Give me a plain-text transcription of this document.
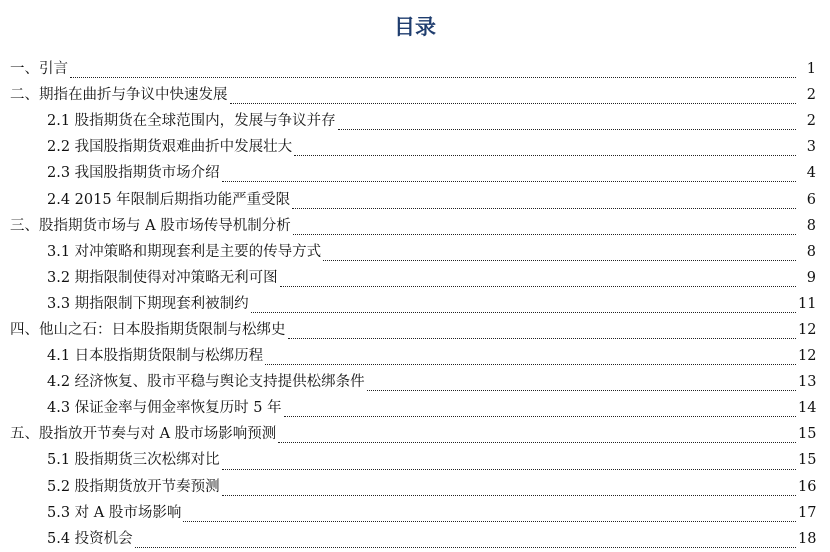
目录
一、引言	1
二、期指在曲折与争议中快速发展	2
2.1 股指期货在全球范围内，发展与争议并存	2
2.2 我国股指期货艰难曲折中发展壮大	3
2.3 我国股指期货市场介绍	4
2.4 2015 年限制后期指功能严重受限	6
三、股指期货市场与 A 股市场传导机制分析	8
3.1 对冲策略和期现套利是主要的传导方式	8
3.2 期指限制使得对冲策略无利可图	9
3.3 期指限制下期现套利被制约	11
四、他山之石：日本股指期货限制与松绑史	12
4.1 日本股指期货限制与松绑历程	12
4.2 经济恢复、股市平稳与舆论支持提供松绑条件	13
4.3 保证金率与佣金率恢复历时 5 年	14
五、股指放开节奏与对 A 股市场影响预测	15
5.1 股指期货三次松绑对比	15
5.2 股指期货放开节奏预测	16
5.3 对 A 股市场影响	17
5.4 投资机会	18
